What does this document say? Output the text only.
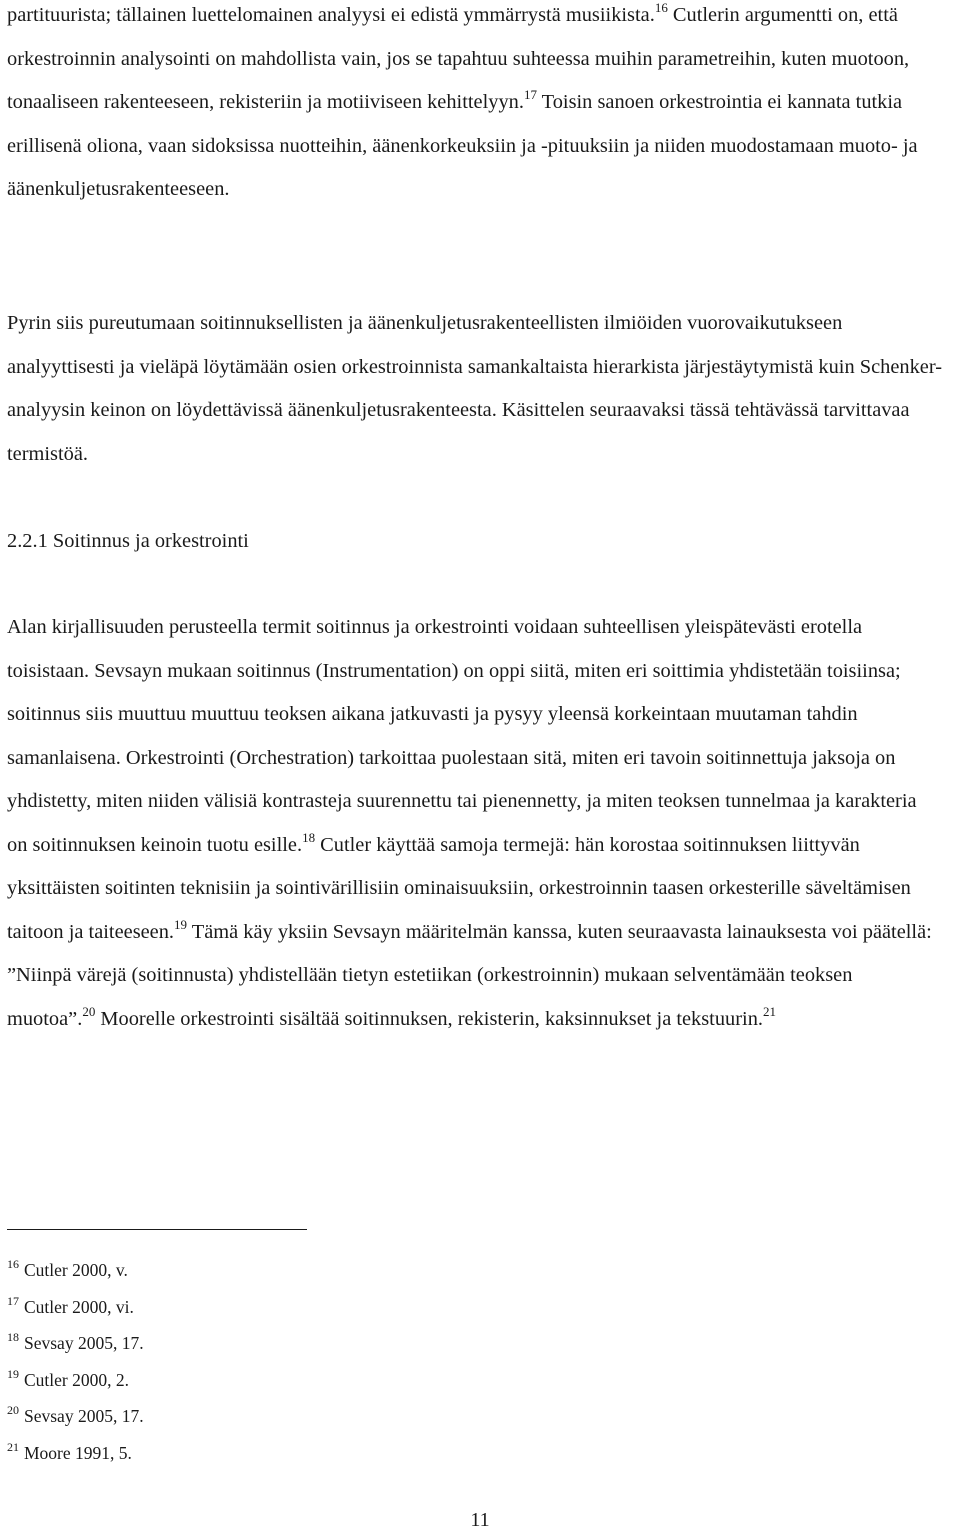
partituurista; tällainen luettelomainen analyysi ei edistä ymmärrystä musiikista.$^{16}$ Cutlerin argumentti on, että orkestroinnin analysointi on mahdollista vain, jos se tapahtuu suhteessa muihin parametreihin, kuten muotoon, tonaaliseen rakenteeseen, rekisteriin ja motiiviseen kehittelyyn.$^{17}$ Toisin sanoen orkestrointia ei kannata tutkia erillisenä oliona, vaan sidoksissa nuotteihin, äänenkorkeuksiin ja -pituuksiin ja niiden muodostamaan muoto- ja äänenkuljetusrakenteeseen.

Pyrin siis pureutumaan soitinnuksellisten ja äänenkuljetusrakenteellisten ilmiöiden vuorovaikutukseen analyyttisesti ja vieläpä löytämään osien orkestroinnista samankaltaista hierarkista järjestäytymistä kuin Schenker-analyysin keinon on löydettävissä äänenkuljetusrakenteesta. Käsittelen seuraavaksi tässä tehtävässä tarvittavaa termistöä.

2.2.1 Soitinnus ja orkestrointi

Alan kirjallisuuden perusteella termit soitinnus ja orkestrointi voidaan suhteellisen yleispätevästi erotella toisistaan. Sevsayn mukaan soitinnus (Instrumentation) on oppi siitä, miten eri soittimia yhdistetään toisiinsa; soitinnus siis muuttuu muuttuu teoksen aikana jatkuvasti ja pysyy yleensä korkeintaan muutaman tahdin samanlaisena. Orkestrointi (Orchestration) tarkoittaa puolestaan sitä, miten eri tavoin soitinnettuja jaksoja on yhdistetty, miten niiden välisiä kontrasteja suurennettu tai pienennetty, ja miten teoksen tunnelmaa ja karakteria on soitinnuksen keinoin tuotu esille.$^{18}$ Cutler käyttää samoja termejä: hän korostaa soitinnuksen liittyvän yksittäisten soitinten teknisiin ja sointivärillisiin ominaisuuksiin, orkestroinnin taasen orkesterille säveltämisen taitoon ja taiteeseen.$^{19}$ Tämä käy yksiin Sevsayn määritelmän kanssa, kuten seuraavasta lainauksesta voi päätellä: ”Niinpä värejä (soitinnusta) yhdistellään tietyn estetiikan (orkestroinnin) mukaan selventämään teoksen muotoa”.$^{20}$ Moorelle orkestrointi sisältää soitinnuksen, rekisterin, kaksinnukset ja tekstuurin.$^{21}$

$^{16}$ Cutler 2000, v.
$^{17}$ Cutler 2000, vi.
$^{18}$ Sevsay 2005, 17.
$^{19}$ Cutler 2000, 2.
$^{20}$ Sevsay 2005, 17.
$^{21}$ Moore 1991, 5.
11
